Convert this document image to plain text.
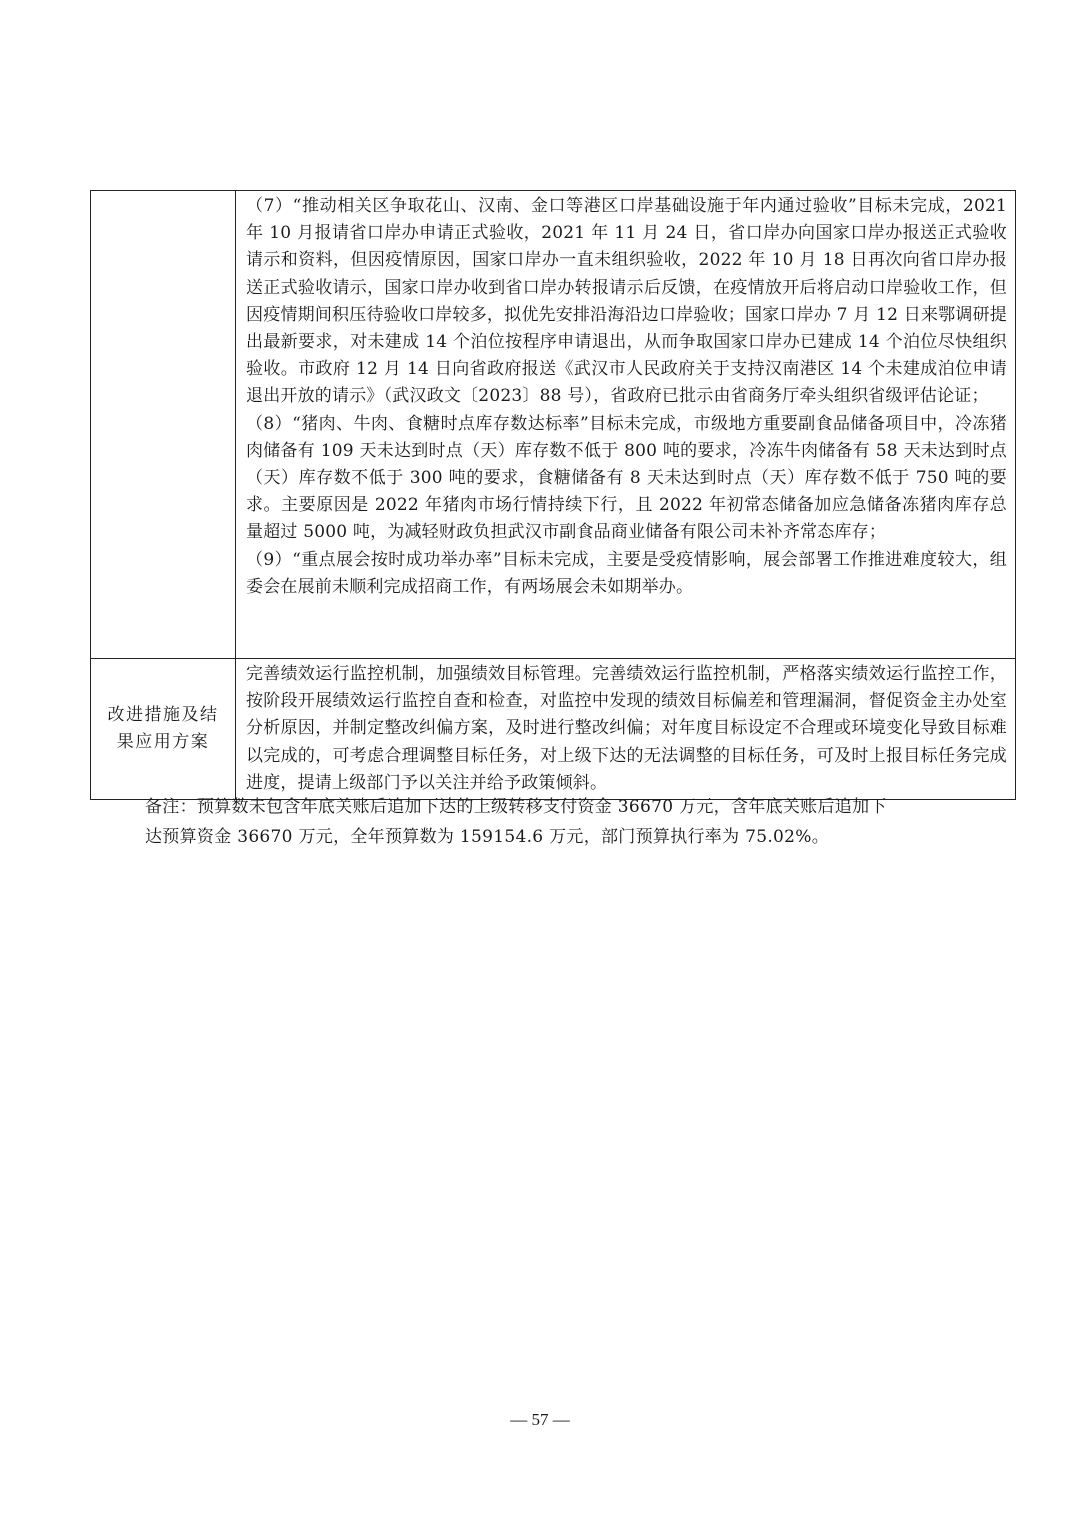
	（7）“推动相关区争取花山、汉南、金口等港区口岸基础设施于年内通过验收”目标未完成，2021 年 10 月报请省口岸办申请正式验收，2021 年 11 月 24 日，省口岸办向国家口岸办报送正式验收请示和资料，但因疫情原因，国家口岸办一直未组织验收，2022 年 10 月 18 日再次向省口岸办报送正式验收请示，国家口岸办收到省口岸办转报请示后反馈，在疫情放开后将启动口岸验收工作，但因疫情期间积压待验收口岸较多，拟优先安排沿海沿边口岸验收；国家口岸办 7 月 12 日来鄂调研提出最新要求，对未建成 14 个泊位按程序申请退出，从而争取国家口岸办已建成 14 个泊位尽快组织验收。市政府 12 月 14 日向省政府报送《武汉市人民政府关于支持汉南港区 14 个未建成泊位申请退出开放的请示》（武汉政文〔2023〕88 号），省政府已批示由省商务厅牵头组织省级评估论证；
（8）“猪肉、牛肉、食糖时点库存数达标率”目标未完成，市级地方重要副食品储备项目中，冷冻猪肉储备有 109 天未达到时点（天）库存数不低于 800 吨的要求，冷冻牛肉储备有 58 天未达到时点（天）库存数不低于 300 吨的要求，食糖储备有 8 天未达到时点（天）库存数不低于 750 吨的要求。主要原因是 2022 年猪肉市场行情持续下行，且 2022 年初常态储备加应急储备冻猪肉库存总量超过 5000 吨，为减轻财政负担武汉市副食品商业储备有限公司未补齐常态库存；
（9）“重点展会按时成功举办率”目标未完成，主要是受疫情影响，展会部署工作推进难度较大，组委会在展前未顺利完成招商工作，有两场展会未如期举办。

改进措施及结果应用方案	完善绩效运行监控机制，加强绩效目标管理。完善绩效运行监控机制，严格落实绩效运行监控工作，按阶段开展绩效运行监控自查和检查，对监控中发现的绩效目标偏差和管理漏洞，督促资金主办处室分析原因，并制定整改纠偏方案，及时进行整改纠偏；对年度目标设定不合理或环境变化导致目标难以完成的，可考虑合理调整目标任务，对上级下达的无法调整的目标任务，可及时上报目标任务完成进度，提请上级部门予以关注并给予政策倾斜。
备注：预算数未包含年底关账后追加下达的上级转移支付资金 36670 万元，含年底关账后追加下
达预算资金 36670 万元，全年预算数为 159154.6 万元，部门预算执行率为 75.02%。
— 57 —
